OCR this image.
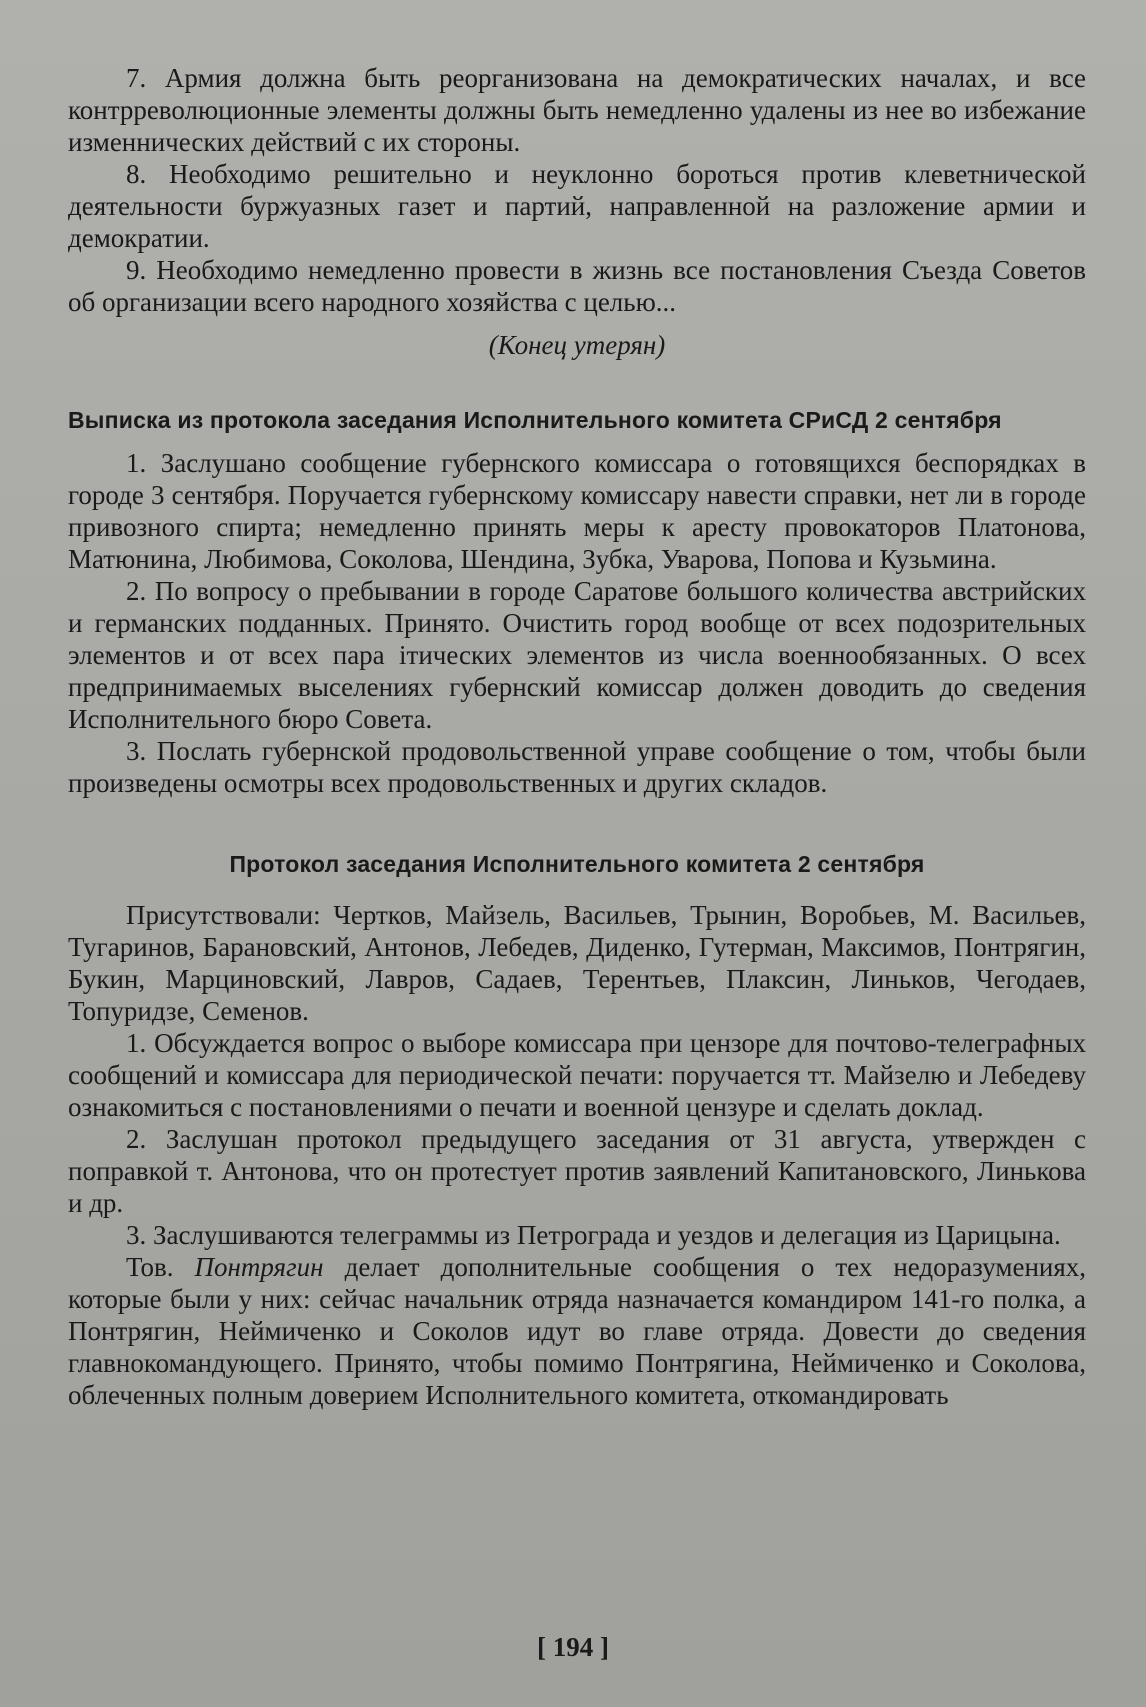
7. Армия должна быть реорганизована на демократических началах, и все контрреволюционные элементы должны быть немедленно удалены из нее во избежание изменнических действий с их стороны.

8. Необходимо решительно и неуклонно бороться против клеветнической деятельности буржуазных газет и партий, направленной на разложение армии и демократии.

9. Необходимо немедленно провести в жизнь все постановления Съезда Советов об организации всего народного хозяйства с целью...

(Конец утерян)
Выписка из протокола заседания Исполнительного комитета СРиСД 2 сентября

1. Заслушано сообщение губернского комиссара о готовящихся беспорядках в городе 3 сентября. Поручается губернскому комиссару навести справки, нет ли в городе привозного спирта; немедленно принять меры к аресту провокаторов Платонова, Матюнина, Любимова, Соколова, Шендина, Зубка, Уварова, Попова и Кузьмина.

2. По вопросу о пребывании в городе Саратове большого количества австрийских и германских подданных. Принято. Очистить город вообще от всех подозрительных элементов и от всех пара ітических элементов из числа военнообязанных. О всех предпринимаемых выселениях губернский комиссар должен доводить до сведения Исполнительного бюро Совета.

3. Послать губернской продовольственной управе сообщение о том, чтобы были произведены осмотры всех продовольственных и других складов.

Протокол заседания Исполнительного комитета 2 сентября

Присутствовали: Чертков, Майзель, Васильев, Трынин, Воробьев, М. Васильев, Тугаринов, Барановский, Антонов, Лебедев, Диденко, Гутерман, Максимов, Понтрягин, Букин, Марциновский, Лавров, Садаев, Терентьев, Плаксин, Линьков, Чегодаев, Топуридзе, Семенов.

1. Обсуждается вопрос о выборе комиссара при цензоре для почтово-телеграфных сообщений и комиссара для периодической печати: поручается тт. Майзелю и Лебедеву ознакомиться с постановлениями о печати и военной цензуре и сделать доклад.

2. Заслушан протокол предыдущего заседания от 31 августа, утвержден с поправкой т. Антонова, что он протестует против заявлений Капитановского, Линькова и др.

3. Заслушиваются телеграммы из Петрограда и уездов и делегация из Царицына.

Тов. Понтрягин делает дополнительные сообщения о тех недоразумениях, которые были у них: сейчас начальник отряда назначается командиром 141-го полка, а Понтрягин, Неймиченко и Соколов идут во главе отряда. Довести до сведения главнокомандующего. Принято, чтобы помимо Понтрягина, Неймиченко и Соколова, облеченных полным доверием Исполнительного комитета, откомандировать

[ 194 ]
